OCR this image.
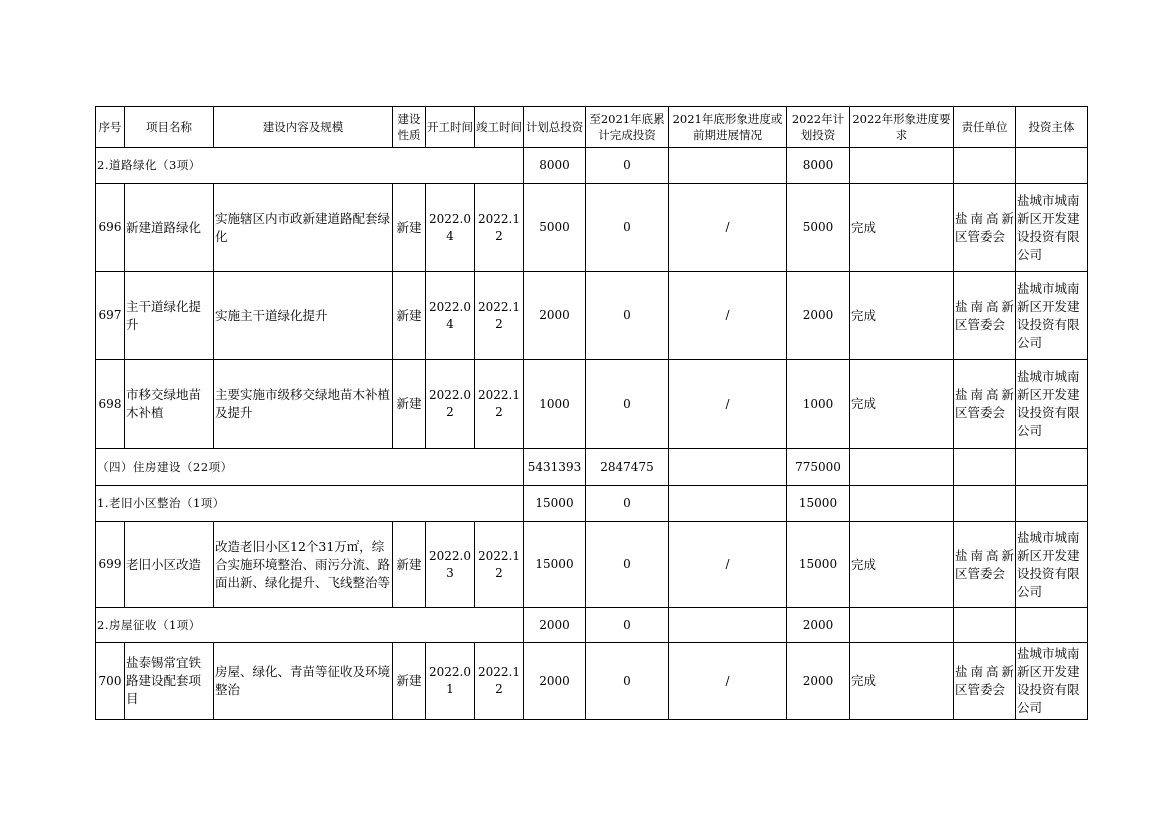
序号	项目名称	建设内容及规模	建设性质	开工时间	竣工时间	计划总投资	至2021年底累计完成投资	2021年底形象进度或前期进展情况	2022年计划投资	2022年形象进度要求	责任单位	投资主体
2.道路绿化（3项）						8000	0		8000			
696	新建道路绿化	实施辖区内市政新建道路配套绿化	新建	2022.04	2022.12	5000	0	/	5000	完成	盐南高新区管委会	盐城市城南新区开发建设投资有限公司
697	主干道绿化提升	实施主干道绿化提升	新建	2022.04	2022.12	2000	0	/	2000	完成	盐南高新区管委会	盐城市城南新区开发建设投资有限公司
698	市移交绿地苗木补植	主要实施市级移交绿地苗木补植及提升	新建	2022.02	2022.12	1000	0	/	1000	完成	盐南高新区管委会	盐城市城南新区开发建设投资有限公司
（四）住房建设（22项）						5431393	2847475		775000			
1.老旧小区整治（1项）						15000	0		15000			
699	老旧小区改造	改造老旧小区12个31万㎡，综合实施环境整治、雨污分流、路面出新、绿化提升、飞线整治等	新建	2022.03	2022.12	15000	0	/	15000	完成	盐南高新区管委会	盐城市城南新区开发建设投资有限公司
2.房屋征收（1项）						2000	0		2000			
700	盐泰锡常宜铁路建设配套项目	房屋、绿化、青苗等征收及环境整治	新建	2022.01	2022.12	2000	0	/	2000	完成	盐南高新区管委会	盐城市城南新区开发建设投资有限公司
